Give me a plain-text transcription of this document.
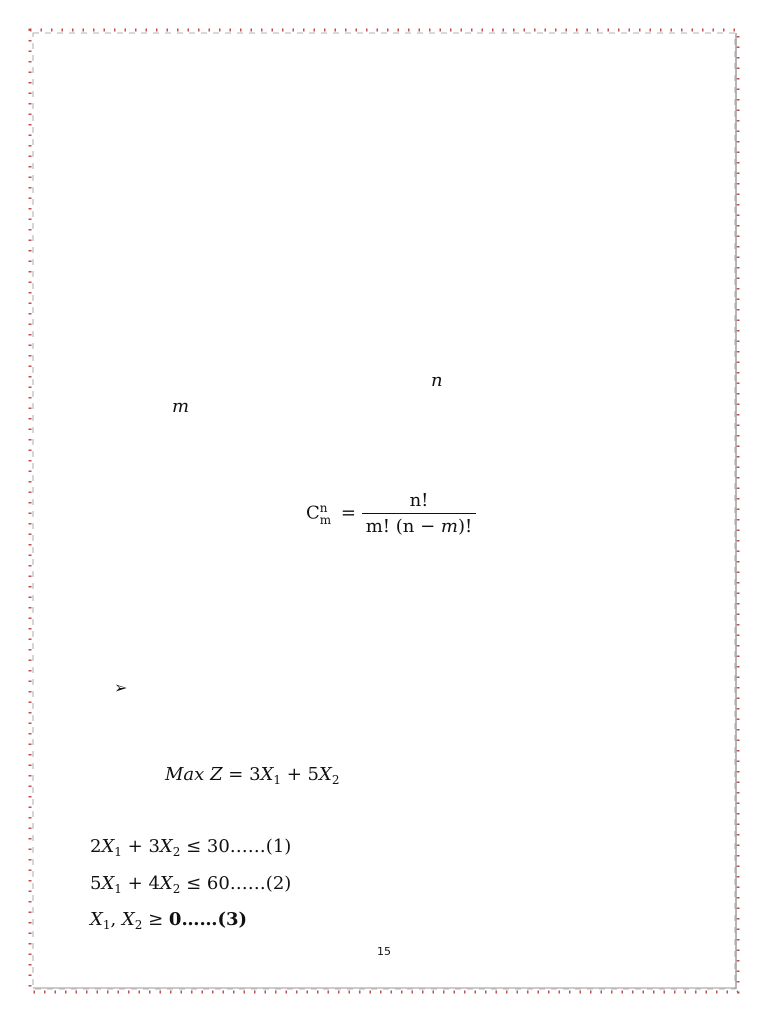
n
m
C n
$m = \frac{n!}{m! (n - m)!}$
➢
Max $Z = 3X_1 + 5X_2$
$2X_1 + 3X_2$ ≤ 30……(1)
$5X_1 + 4X_2$ ≤ 60……(2)
$X_1$, $X_2$ ≥ 0……(3)
15
